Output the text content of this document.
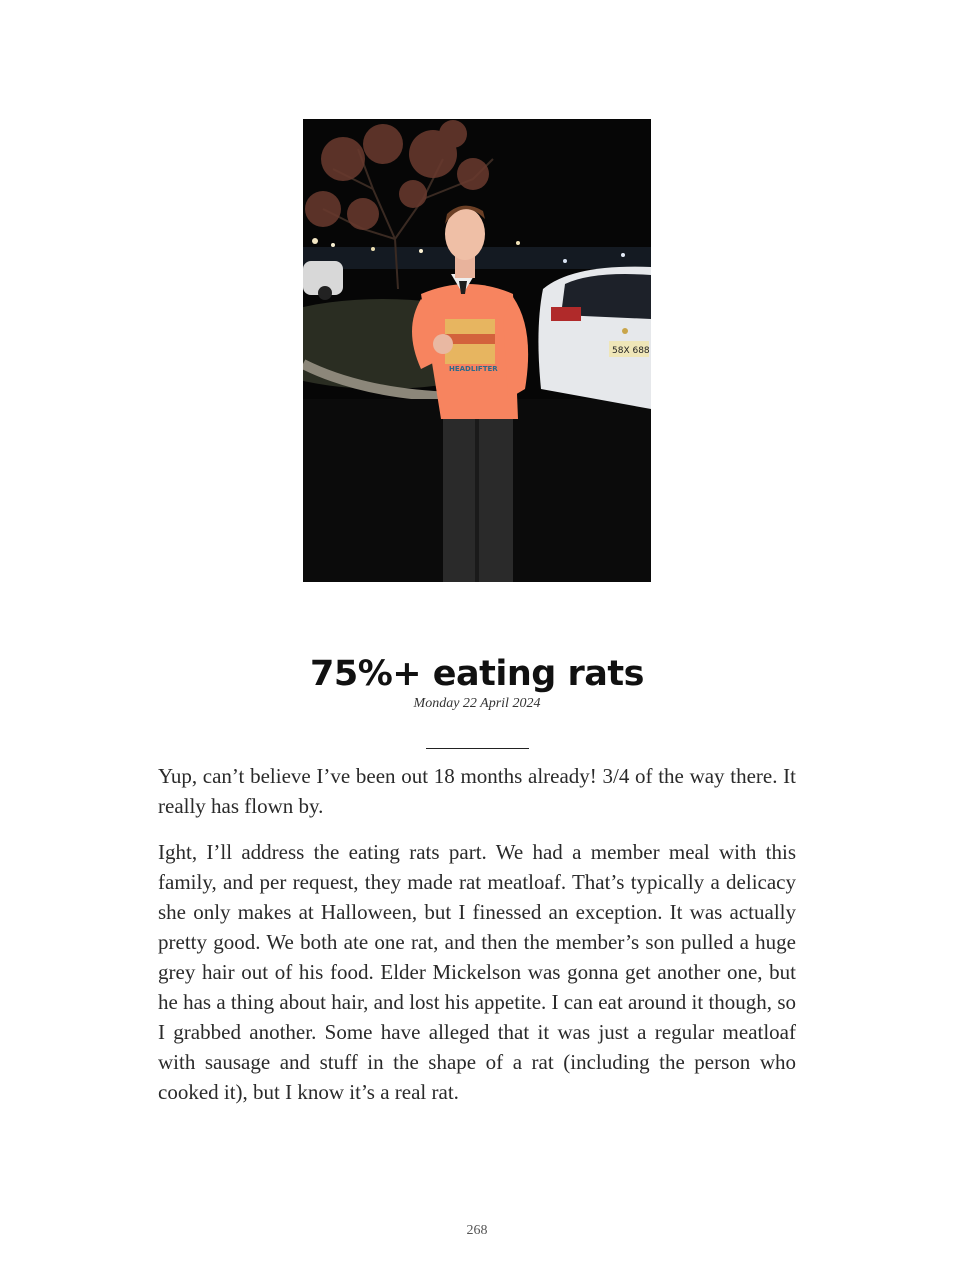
58X 688
HEADLIFTER
75%+ eating rats
Monday 22 April 2024

Yup, can’t believe I’ve been out 18 months already! 3/4 of the way there. It really has flown by.

Ight, I’ll address the eating rats part. We had a member meal with this family, and per request, they made rat meatloaf. That’s typically a delicacy she only makes at Halloween, but I finessed an exception. It was actually pretty good. We both ate one rat, and then the member’s son pulled a huge grey hair out of his food. Elder Mickelson was gonna get another one, but he has a thing about hair, and lost his appetite. I can eat around it though, so I grabbed another. Some have alleged that it was just a regular meatloaf with sausage and stuff in the shape of a rat (including the person who cooked it), but I know it’s a real rat.

268
